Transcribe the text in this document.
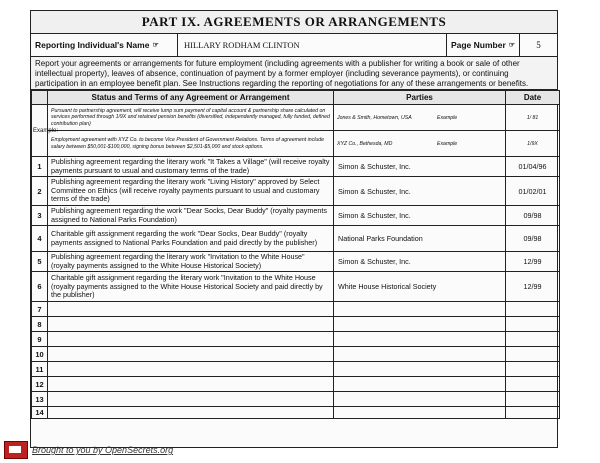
PART IX. AGREEMENTS OR ARRANGEMENTS
Reporting Individual's Name ☞	HILLARY RODHAM CLINTON	Page Number ☞	5
Report your agreements or arrangements for future employment (including agreements with a publisher for writing a book or sale of other intellectual property), leaves of absence, continuation of payment by a former employer (including severance payments), or continuing participation in an employee benefit plan. See Instructions regarding the reporting of negotiations for any of these arrangements or benefits.
	Status and Terms of any Agreement or Arrangement	Parties	Date
Example:	Pursuant to partnership agreement, will receive lump sum payment of capital account & partnership share calculated on services performed through 1/9X and retained pension benefits (diversified, independently managed, fully funded, defined contribution plan)	Jones & Smith, Hometown, USA Example	1/ 81
	Employment agreement with XYZ Co. to become Vice President of Government Relations. Terms of agreement include salary between $50,001-$100,000, signing bonus between $2,501-$5,000 and stock options.	XYZ Co., Bethesda, MD Example	1/9X
1	Publishing agreement regarding the literary work "It Takes a Village" (will receive royalty payments pursuant to usual and customary terms of the trade)	Simon & Schuster, Inc.	01/04/96
2	Publishing agreement regarding the literary work "Living History" approved by Select Committee on Ethics (will receive royalty payments pursuant to usual and customary terms of the trade)	Simon & Schuster, Inc.	01/02/01
3	Publishing agreement regarding the work "Dear Socks, Dear Buddy" (royalty payments assigned to National Parks Foundation)	Simon & Schuster, Inc.	09/98
4	Charitable gift assignment regarding the work "Dear Socks, Dear Buddy" (royalty payments assigned to National Parks Foundation and paid directly by the publisher)	National Parks Foundation	09/98
5	Publishing agreement regarding the literary work "Invitation to the White House" (royalty payments assigned to the White House Historical Society)	Simon & Schuster, Inc.	12/99
6	Charitable gift assignment regarding the literary work "Invitation to the White House (royalty payments assigned to the White House Historical Society and paid directly by the publisher)	White House Historical Society	12/99
7			
8			
9			
10			
11			
12			
13			
14			
Brought to you by OpenSecrets.org
